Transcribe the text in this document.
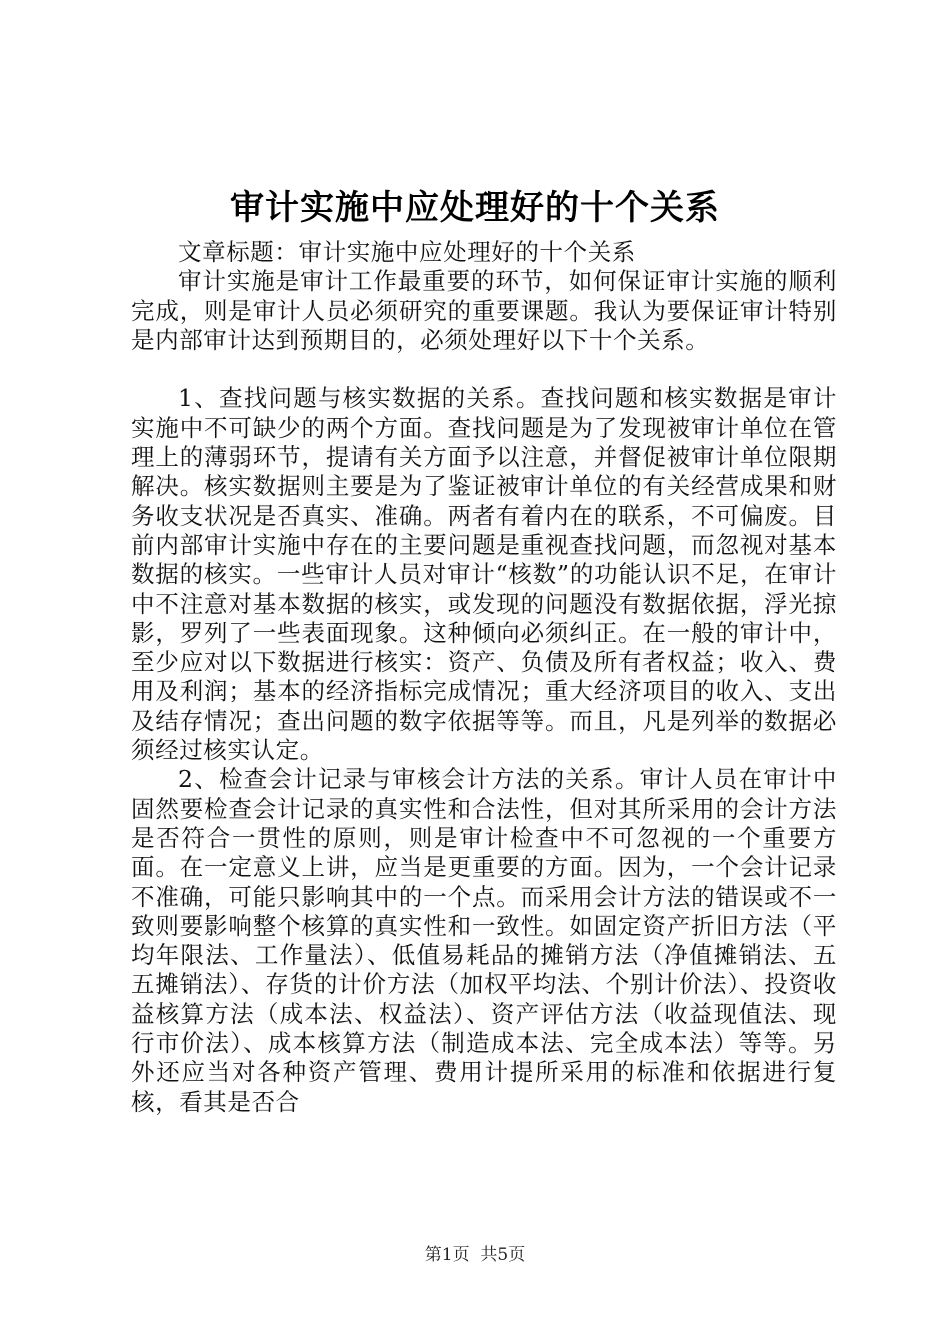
审计实施中应处理好的十个关系

文章标题：审计实施中应处理好的十个关系

审计实施是审计工作最重要的环节，如何保证审计实施的顺利完成，则是审计人员必须研究的重要课题。我认为要保证审计特别是内部审计达到预期目的，必须处理好以下十个关系。

1、查找问题与核实数据的关系。查找问题和核实数据是审计实施中不可缺少的两个方面。查找问题是为了发现被审计单位在管理上的薄弱环节，提请有关方面予以注意，并督促被审计单位限期解决。核实数据则主要是为了鉴证被审计单位的有关经营成果和财务收支状况是否真实、准确。两者有着内在的联系，不可偏废。目前内部审计实施中存在的主要问题是重视查找问题，而忽视对基本数据的核实。一些审计人员对审计“核数”的功能认识不足，在审计中不注意对基本数据的核实，或发现的问题没有数据依据，浮光掠影，罗列了一些表面现象。这种倾向必须纠正。在一般的审计中，至少应对以下数据进行核实：资产、负债及所有者权益；收入、费用及利润；基本的经济指标完成情况；重大经济项目的收入、支出及结存情况；查出问题的数字依据等等。而且，凡是列举的数据必须经过核实认定。

2、检查会计记录与审核会计方法的关系。审计人员在审计中固然要检查会计记录的真实性和合法性，但对其所采用的会计方法是否符合一贯性的原则，则是审计检查中不可忽视的一个重要方面。在一定意义上讲，应当是更重要的方面。因为，一个会计记录不准确，可能只影响其中的一个点。而采用会计方法的错误或不一致则要影响整个核算的真实性和一致性。如固定资产折旧方法（平均年限法、工作量法）、低值易耗品的摊销方法（净值摊销法、五五摊销法）、存货的计价方法（加权平均法、个别计价法）、投资收益核算方法（成本法、权益法）、资产评估方法（收益现值法、现行市价法）、成本核算方法（制造成本法、完全成本法）等等。另外还应当对各种资产管理、费用计提所采用的标准和依据进行复核，看其是否合

第1页  共5页
